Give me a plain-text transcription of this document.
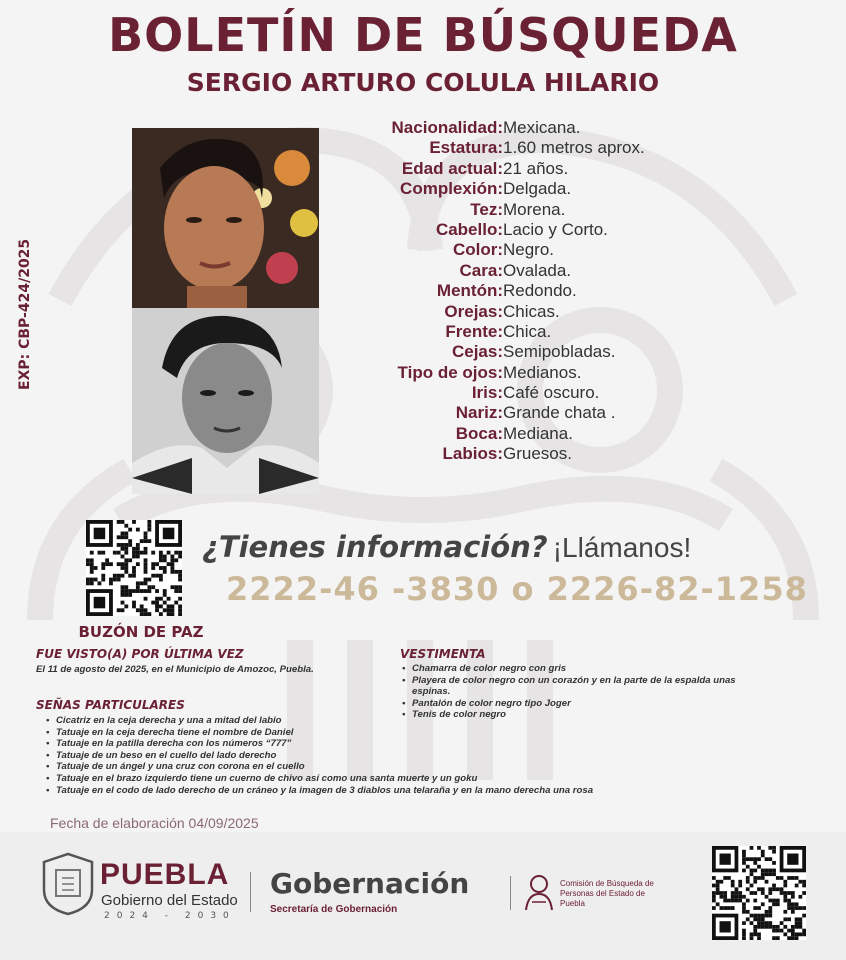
BOLETÍN DE BÚSQUEDA
SERGIO ARTURO COLULA HILARIO
EXP: CBP-424/2025
Nacionalidad: Mexicana.
Estatura: 1.60 metros aprox.
Edad actual: 21 años.
Complexión: Delgada.
Tez: Morena.
Cabello: Lacio y Corto.
Color: Negro.
Cara: Ovalada.
Mentón: Redondo.
Orejas: Chicas.
Frente: Chica.
Cejas: Semipobladas.
Tipo de ojos: Medianos.
Iris: Café oscuro.
Nariz: Grande chata .
Boca: Mediana.
Labios: Gruesos.
BUZÓN DE PAZ
¿Tienes información? ¡Llámanos!
2222-46 -3830 o 2226-82-1258
FUE VISTO(A) POR ÚLTIMA VEZ
El 11 de agosto del 2025, en el Municipio de Amozoc, Puebla.
VESTIMENTA
• Chamarra de color negro con gris
• Playera de color negro con un corazón y en la parte de la espalda unas espinas.
• Pantalón de color negro tipo Joger
• Tenis de color negro
SEÑAS PARTICULARES
• Cicatriz en la ceja derecha y una a mitad del labio
• Tatuaje en la ceja derecha tiene el nombre de Daniel
• Tatuaje en la patilla derecha con los números “777”
• Tatuaje de un beso en el cuello del lado derecho
• Tatuaje de un ángel y una cruz con corona en el cuello
• Tatuaje en el brazo izquierdo tiene un cuerno de chivo así como una santa muerte y un goku
• Tatuaje en el codo de lado derecho de un cráneo y la imagen de 3 diablos una telaraña y en la mano derecha una rosa
Fecha de elaboración 04/09/2025
PUEBLA
Gobierno del Estado
2024 - 2030
Gobernación
Secretaría de Gobernación
Comisión de Búsqueda de Personas del Estado de Puebla
